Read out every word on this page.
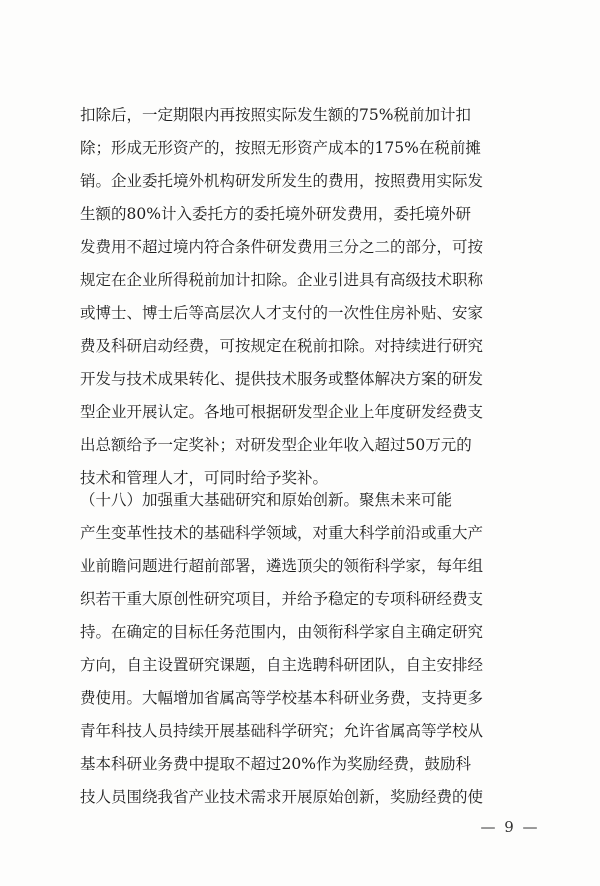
扣除后，一定期限内再按照实际发生额的75%税前加计扣
除；形成无形资产的，按照无形资产成本的175%在税前摊
销。企业委托境外机构研发所发生的费用，按照费用实际发
生额的80%计入委托方的委托境外研发费用，委托境外研
发费用不超过境内符合条件研发费用三分之二的部分，可按
规定在企业所得税前加计扣除。企业引进具有高级技术职称
或博士、博士后等高层次人才支付的一次性住房补贴、安家
费及科研启动经费，可按规定在税前扣除。对持续进行研究
开发与技术成果转化、提供技术服务或整体解决方案的研发
型企业开展认定。各地可根据研发型企业上年度研发经费支
出总额给予一定奖补；对研发型企业年收入超过50万元的
技术和管理人才，可同时给予奖补。
（十八）加强重大基础研究和原始创新。聚焦未来可能
产生变革性技术的基础科学领域，对重大科学前沿或重大产
业前瞻问题进行超前部署，遴选顶尖的领衔科学家，每年组
织若干重大原创性研究项目，并给予稳定的专项科研经费支
持。在确定的目标任务范围内，由领衔科学家自主确定研究
方向，自主设置研究课题，自主选聘科研团队，自主安排经
费使用。大幅增加省属高等学校基本科研业务费，支持更多
青年科技人员持续开展基础科学研究；允许省属高等学校从
基本科研业务费中提取不超过20%作为奖励经费，鼓励科
技人员围绕我省产业技术需求开展原始创新，奖励经费的使
— 9 —
